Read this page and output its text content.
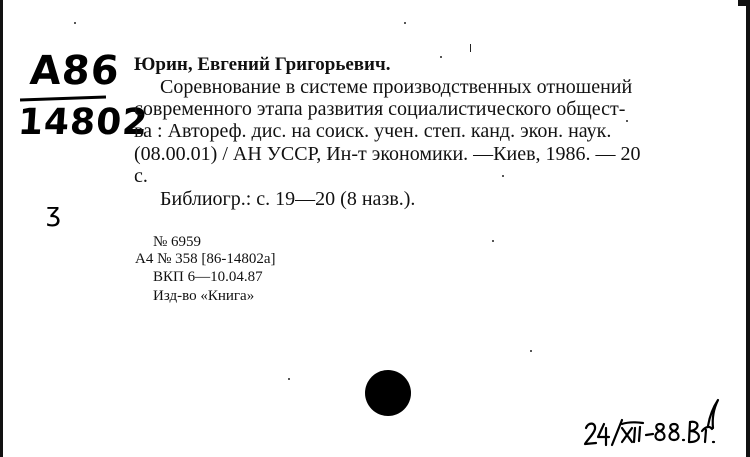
A86
14802
ʒ
Юрин, Евгений Григорьевич.
Соревнование в системе производственных отношений
современного этапа развития социалистического общест-
ва : Автореф. дис. на соиск. учен. степ. канд. экон. наук.
(08.00.01) / АН УССР, Ин-т экономики. —Киев, 1986. — 20
с.
Библиогр.: с. 19—20 (8 назв.).
№ 6959
А4 № 358 [86-14802а]
ВКП 6—10.04.87
Изд-во «Книга»
